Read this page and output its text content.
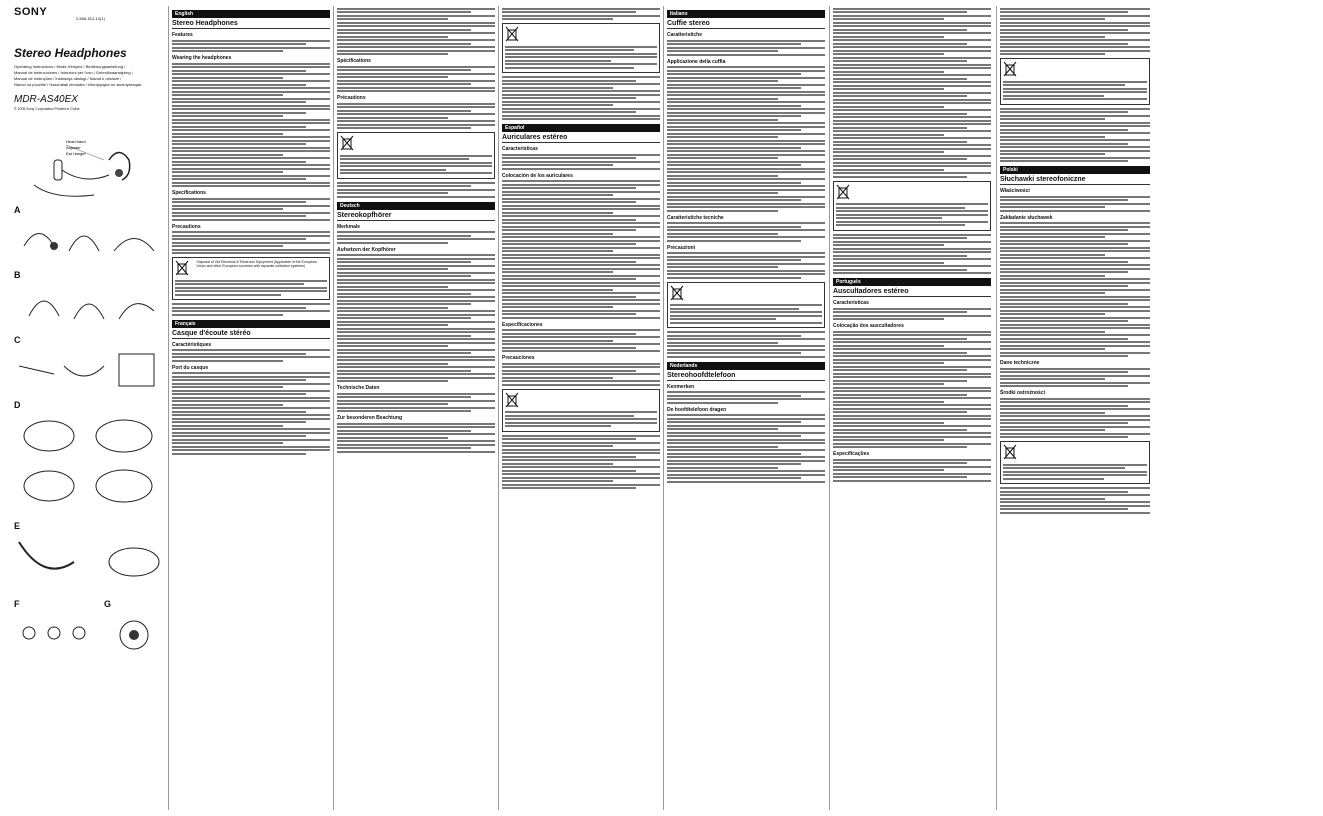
SONY
2-596-512-13(1)
Stereo Headphones
Operating Instructions / Mode d'emploi / Bedienungsanleitung /
Manual de instrucciones / Istruzioni per l'uso / Gebruiksaanwijzing /
Manual de instruções / Instrukcja obsługi / Návod k obsluze /
Návod na použitie / Használati útmutató / Инструкция по эксплуатации
MDR-AS40EX
© 2005 Sony Corporation Printed in China
Head band
Adjuster
Ear hanger
A
B
C
D
E
F	G
English
Stereo Headphones
Features
Wearing the headphones
Specifications
Precautions
Disposal of Old Electrical & Electronic Equipment (Applicable in the European Union and other European countries with separate collection systems)
Français
Casque d'écoute stéréo
Caractéristiques
Port du casque
Spécifications
Précautions
Deutsch
Stereokopfhörer
Merkmale
Aufsetzen der Kopfhörer
Technische Daten
Zur besonderen Beachtung
Español
Auriculares estéreo
Características
Colocación de los auriculares
Especificaciones
Precauciones
Italiano
Cuffie stereo
Caratteristiche
Applicazione della cuffia
Caratteristiche tecniche
Precauzioni
Nederlands
Stereohoofdtelefoon
Kenmerken
De hoofdtelefoon dragen
Português
Auscultadores estéreo
Características
Colocação dos auscultadores
Especificações
Polski
Słuchawki stereofoniczne
Właściwości
Zakładanie słuchawek
Dane techniczne
Środki ostrożności
